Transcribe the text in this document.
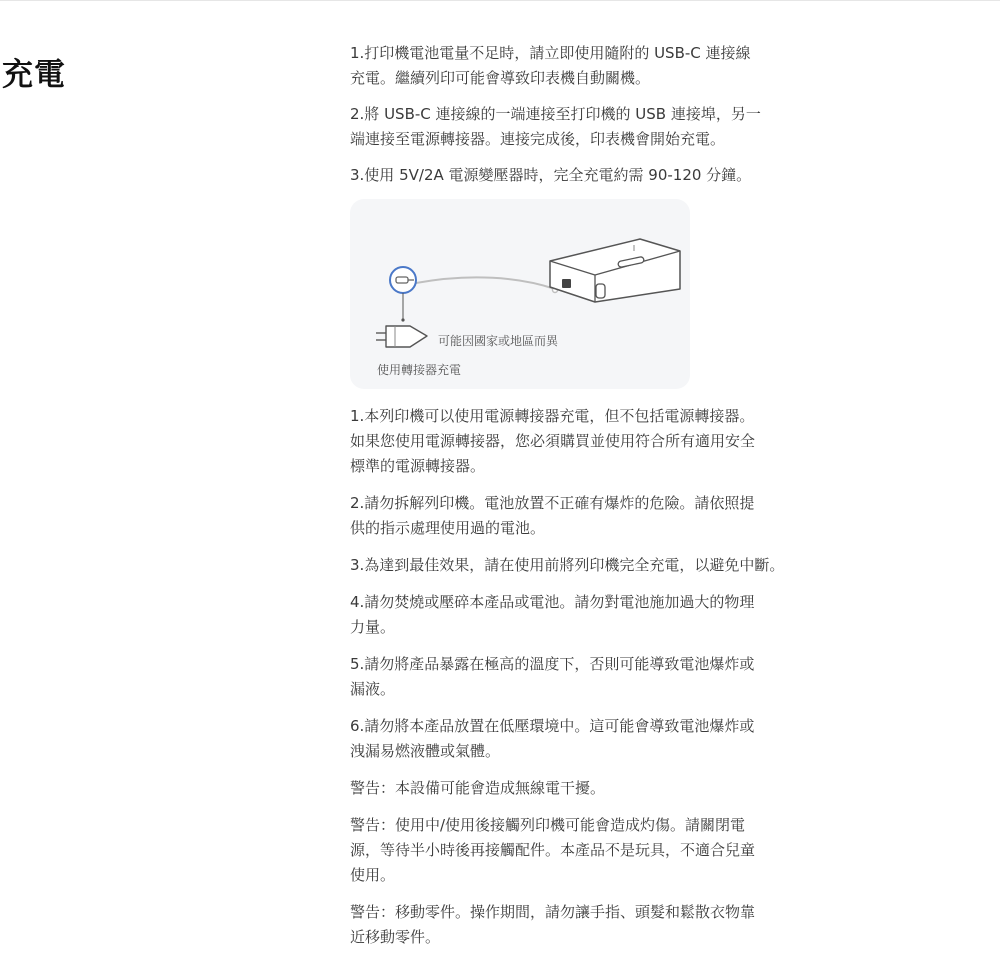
充電
1.打印機電池電量不足時，請立即使用隨附的 USB-C 連接線
充電。繼續列印可能會導致印表機自動關機。
2.將 USB-C 連接線的一端連接至打印機的 USB 連接埠，另一
端連接至電源轉接器。連接完成後，印表機會開始充電。
3.使用 5V/2A 電源變壓器時，完全充電約需 90-120 分鐘。
可能因國家或地區而異
使用轉接器充電
1.本列印機可以使用電源轉接器充電，但不包括電源轉接器。
如果您使用電源轉接器，您必須購買並使用符合所有適用安全
標準的電源轉接器。
2.請勿拆解列印機。電池放置不正確有爆炸的危險。請依照提
供的指示處理使用過的電池。
3.為達到最佳效果，請在使用前將列印機完全充電，以避免中斷。
4.請勿焚燒或壓碎本產品或電池。請勿對電池施加過大的物理
力量。
5.請勿將產品暴露在極高的溫度下，否則可能導致電池爆炸或
漏液。
6.請勿將本產品放置在低壓環境中。這可能會導致電池爆炸或
洩漏易燃液體或氣體。
警告：本設備可能會造成無線電干擾。
警告：使用中/使用後接觸列印機可能會造成灼傷。請關閉電
源，等待半小時後再接觸配件。本產品不是玩具，不適合兒童
使用。
警告：移動零件。操作期間，請勿讓手指、頭髮和鬆散衣物靠
近移動零件。
